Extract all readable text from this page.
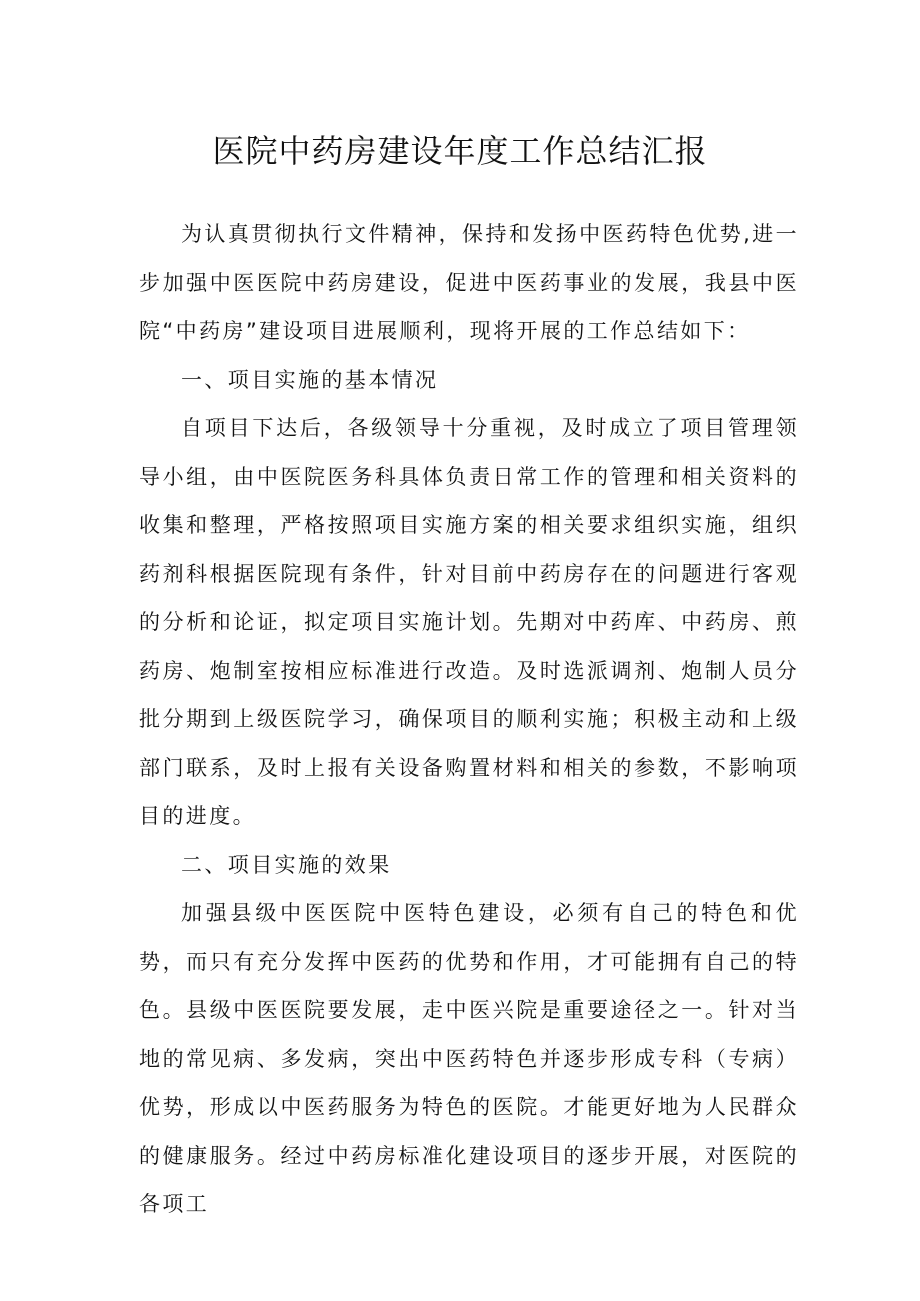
医院中药房建设年度工作总结汇报

为认真贯彻执行文件精神，保持和发扬中医药特色优势,进一步加强中医医院中药房建设，促进中医药事业的发展，我县中医院“中药房”建设项目进展顺利，现将开展的工作总结如下：

一、项目实施的基本情况

自项目下达后，各级领导十分重视，及时成立了项目管理领导小组，由中医院医务科具体负责日常工作的管理和相关资料的收集和整理，严格按照项目实施方案的相关要求组织实施，组织药剂科根据医院现有条件，针对目前中药房存在的问题进行客观的分析和论证，拟定项目实施计划。先期对中药库、中药房、煎药房、炮制室按相应标准进行改造。及时选派调剂、炮制人员分批分期到上级医院学习，确保项目的顺利实施；积极主动和上级部门联系，及时上报有关设备购置材料和相关的参数，不影响项目的进度。

二、项目实施的效果

加强县级中医医院中医特色建设，必须有自己的特色和优势，而只有充分发挥中医药的优势和作用，才可能拥有自己的特色。县级中医医院要发展，走中医兴院是重要途径之一。针对当地的常见病、多发病，突出中医药特色并逐步形成专科（专病）优势，形成以中医药服务为特色的医院。才能更好地为人民群众的健康服务。经过中药房标准化建设项目的逐步开展，对医院的各项工
